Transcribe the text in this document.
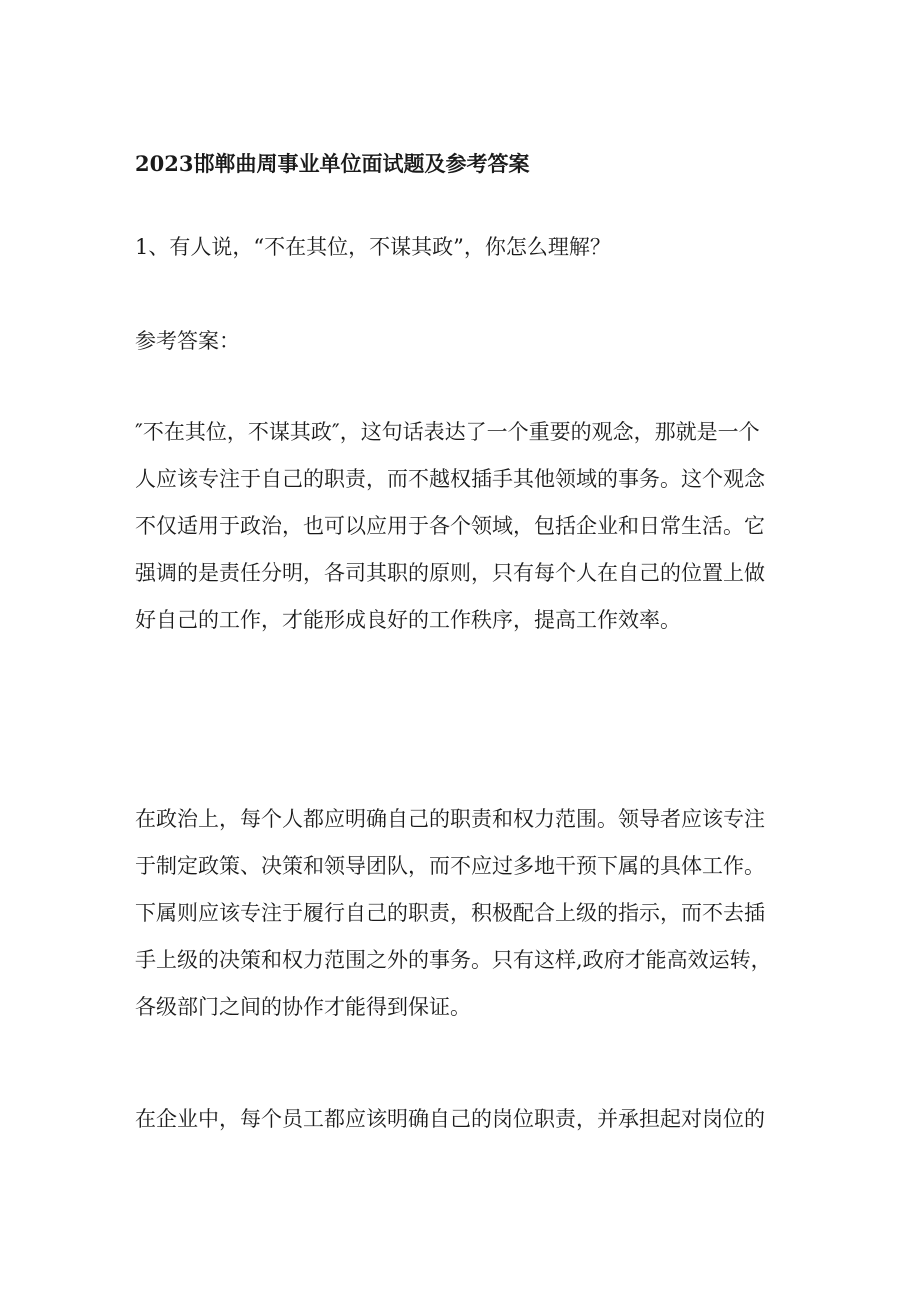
2023邯郸曲周事业单位面试题及参考答案
1、有人说，“不在其位，不谋其政”，你怎么理解？
参考答案：
″不在其位，不谋其政″，这句话表达了一个重要的观念，那就是一个
人应该专注于自己的职责，而不越权插手其他领域的事务。这个观念
不仅适用于政治，也可以应用于各个领域，包括企业和日常生活。它
强调的是责任分明，各司其职的原则，只有每个人在自己的位置上做
好自己的工作，才能形成良好的工作秩序，提高工作效率。
在政治上，每个人都应明确自己的职责和权力范围。领导者应该专注
于制定政策、决策和领导团队，而不应过多地干预下属的具体工作。
下属则应该专注于履行自己的职责，积极配合上级的指示，而不去插
手上级的决策和权力范围之外的事务。只有这样,政府才能高效运转，
各级部门之间的协作才能得到保证。
在企业中，每个员工都应该明确自己的岗位职责，并承担起对岗位的
